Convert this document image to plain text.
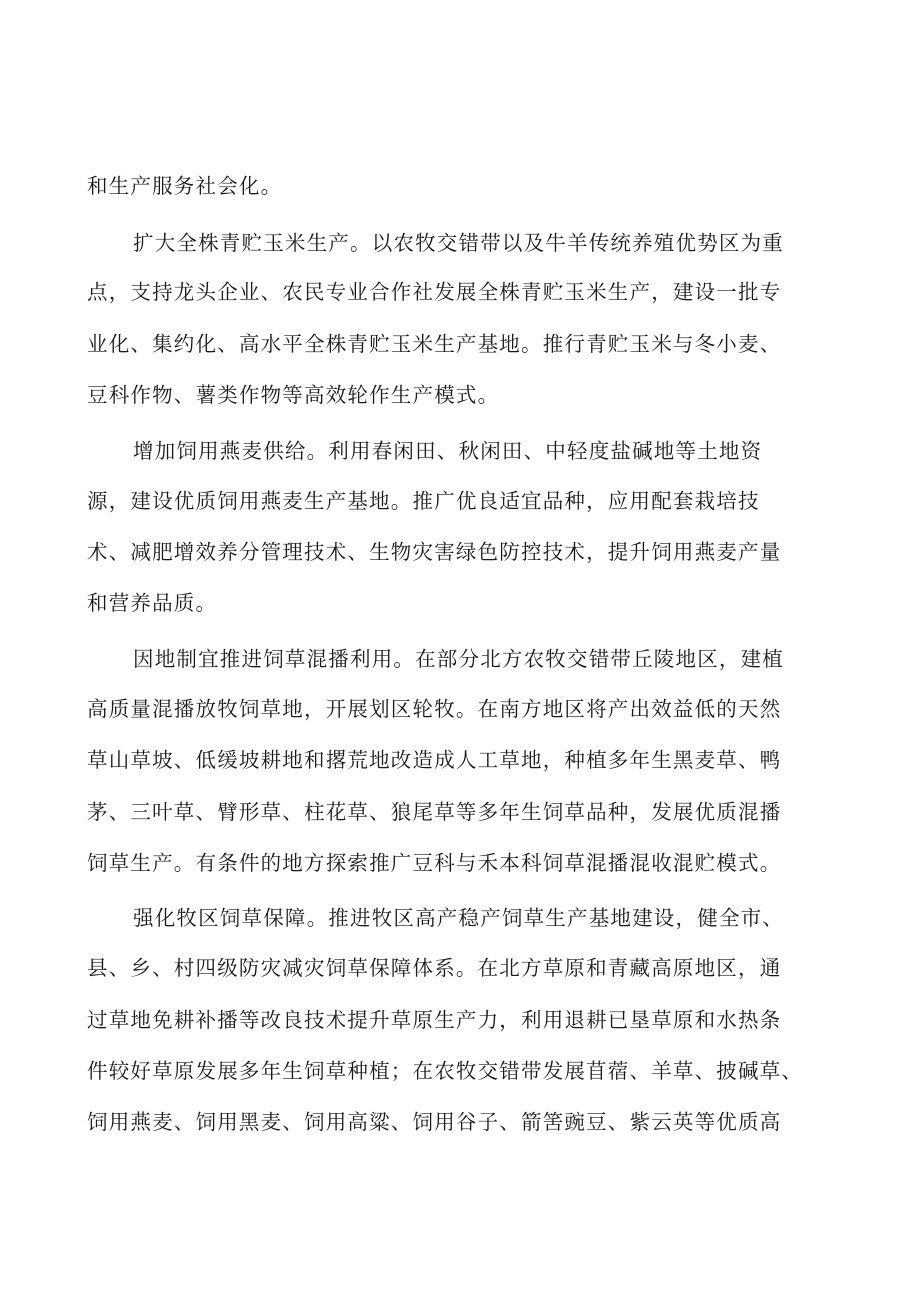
和生产服务社会化。
扩大全株青贮玉米生产。以农牧交错带以及牛羊传统养殖优势区为重
点，支持龙头企业、农民专业合作社发展全株青贮玉米生产，建设一批专
业化、集约化、高水平全株青贮玉米生产基地。推行青贮玉米与冬小麦、
豆科作物、薯类作物等高效轮作生产模式。
增加饲用燕麦供给。利用春闲田、秋闲田、中轻度盐碱地等土地资
源，建设优质饲用燕麦生产基地。推广优良适宜品种，应用配套栽培技
术、减肥增效养分管理技术、生物灾害绿色防控技术，提升饲用燕麦产量
和营养品质。
因地制宜推进饲草混播利用。在部分北方农牧交错带丘陵地区，建植
高质量混播放牧饲草地，开展划区轮牧。在南方地区将产出效益低的天然
草山草坡、低缓坡耕地和撂荒地改造成人工草地，种植多年生黑麦草、鸭
茅、三叶草、臂形草、柱花草、狼尾草等多年生饲草品种，发展优质混播
饲草生产。有条件的地方探索推广豆科与禾本科饲草混播混收混贮模式。
强化牧区饲草保障。推进牧区高产稳产饲草生产基地建设，健全市、
县、乡、村四级防灾减灾饲草保障体系。在北方草原和青藏高原地区，通
过草地免耕补播等改良技术提升草原生产力，利用退耕已垦草原和水热条
件较好草原发展多年生饲草种植；在农牧交错带发展苜蓿、羊草、披碱草、
饲用燕麦、饲用黑麦、饲用高粱、饲用谷子、箭筈豌豆、紫云英等优质高
